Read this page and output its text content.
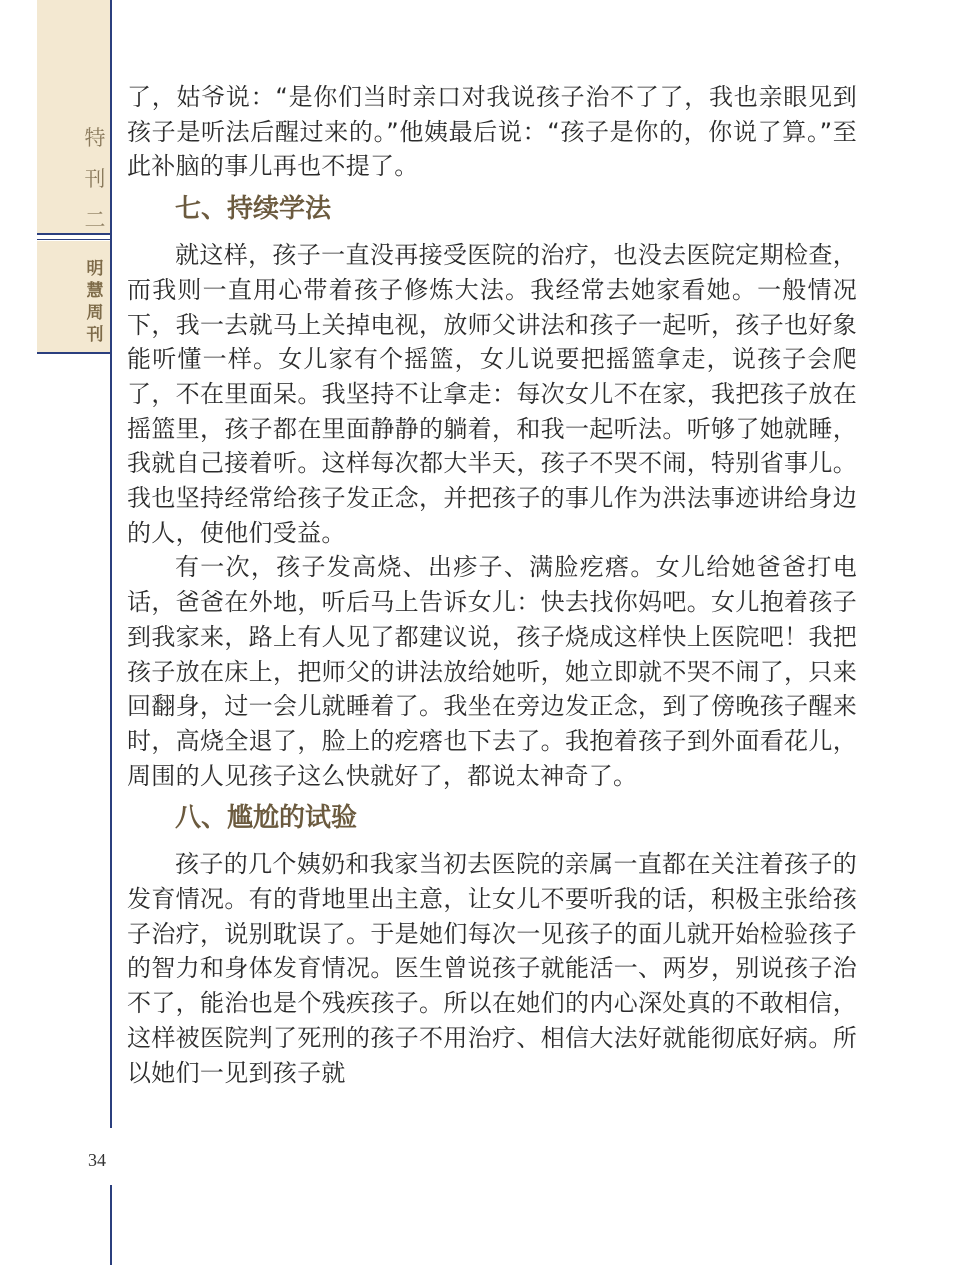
特
刊
二
明
慧
周
刊
34

了，姑爷说：“是你们当时亲口对我说孩子治不了了，我也亲眼见到孩子是听法后醒过来的。”他姨最后说：“孩子是你的，你说了算。”至此补脑的事儿再也不提了。

七、持续学法

就这样，孩子一直没再接受医院的治疗，也没去医院定期检查，而我则一直用心带着孩子修炼大法。我经常去她家看她。一般情况下，我一去就马上关掉电视，放师父讲法和孩子一起听，孩子也好象能听懂一样。女儿家有个摇篮，女儿说要把摇篮拿走，说孩子会爬了，不在里面呆。我坚持不让拿走：每次女儿不在家，我把孩子放在摇篮里，孩子都在里面静静的躺着，和我一起听法。听够了她就睡，我就自己接着听。这样每次都大半天，孩子不哭不闹，特别省事儿。我也坚持经常给孩子发正念，并把孩子的事儿作为洪法事迹讲给身边的人，使他们受益。

有一次，孩子发高烧、出疹子、满脸疙瘩。女儿给她爸爸打电话，爸爸在外地，听后马上告诉女儿：快去找你妈吧。女儿抱着孩子到我家来，路上有人见了都建议说，孩子烧成这样快上医院吧！我把孩子放在床上，把师父的讲法放给她听，她立即就不哭不闹了，只来回翻身，过一会儿就睡着了。我坐在旁边发正念，到了傍晚孩子醒来时，高烧全退了，脸上的疙瘩也下去了。我抱着孩子到外面看花儿，周围的人见孩子这么快就好了，都说太神奇了。

八、尴尬的试验

孩子的几个姨奶和我家当初去医院的亲属一直都在关注着孩子的发育情况。有的背地里出主意，让女儿不要听我的话，积极主张给孩子治疗，说别耽误了。于是她们每次一见孩子的面儿就开始检验孩子的智力和身体发育情况。医生曾说孩子就能活一、两岁，别说孩子治不了，能治也是个残疾孩子。所以在她们的内心深处真的不敢相信，这样被医院判了死刑的孩子不用治疗、相信大法好就能彻底好病。所以她们一见到孩子就
